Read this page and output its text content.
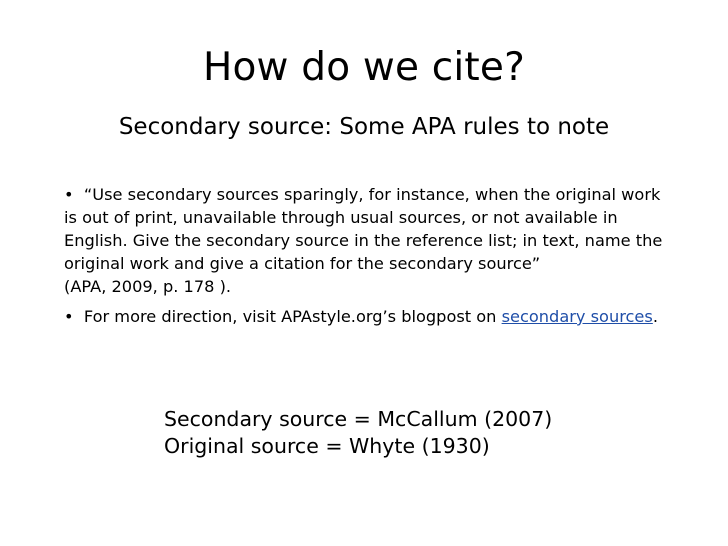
How do we cite?
Secondary source: Some APA rules to note
• “Use secondary sources sparingly, for instance, when the original work is out of print, unavailable through usual sources, or not available in English. Give the secondary source in the reference list; in text, name the original work and give a citation for the secondary source”
(APA, 2009, p. 178 ).
• For more direction, visit APAstyle.org’s blogpost on secondary sources.
Secondary source = McCallum (2007)
Original source = Whyte (1930)
